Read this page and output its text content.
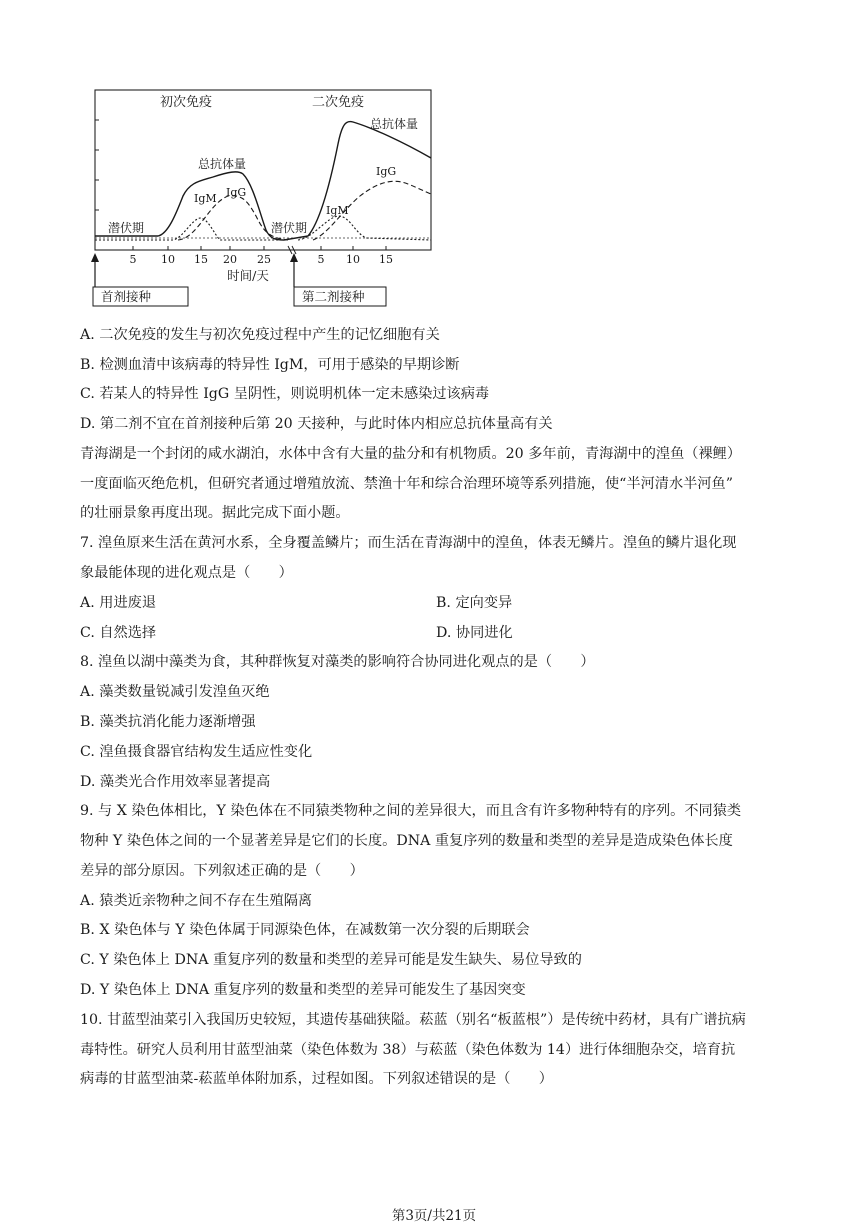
初次免疫	二次免疫
总抗体量
总抗体量
IgM IgG
IgM
IgG
潜伏期	潜伏期
5 10 15 20 25	5 10 15
时间/天
首剂接种	第二剂接种
A. 二次免疫的发生与初次免疫过程中产生的记忆细胞有关
B. 检测血清中该病毒的特异性 IgM，可用于感染的早期诊断
C. 若某人的特异性 IgG 呈阴性，则说明机体一定未感染过该病毒
D. 第二剂不宜在首剂接种后第 20 天接种，与此时体内相应总抗体量高有关
青海湖是一个封闭的咸水湖泊，水体中含有大量的盐分和有机物质。20 多年前，青海湖中的湟鱼（裸鲤）
一度面临灭绝危机，但研究者通过增殖放流、禁渔十年和综合治理环境等系列措施，使“半河清水半河鱼”
的壮丽景象再度出现。据此完成下面小题。
7. 湟鱼原来生活在黄河水系，全身覆盖鳞片；而生活在青海湖中的湟鱼，体表无鳞片。湟鱼的鳞片退化现
象最能体现的进化观点是（　　）
A. 用进废退	B. 定向变异
C. 自然选择	D. 协同进化
8. 湟鱼以湖中藻类为食，其种群恢复对藻类的影响符合协同进化观点的是（　　）
A. 藻类数量锐减引发湟鱼灭绝
B. 藻类抗消化能力逐渐增强
C. 湟鱼摄食器官结构发生适应性变化
D. 藻类光合作用效率显著提高
9. 与 X 染色体相比，Y 染色体在不同猿类物种之间的差异很大，而且含有许多物种特有的序列。不同猿类
物种 Y 染色体之间的一个显著差异是它们的长度。DNA 重复序列的数量和类型的差异是造成染色体长度
差异的部分原因。下列叙述正确的是（　　）
A. 猿类近亲物种之间不存在生殖隔离
B. X 染色体与 Y 染色体属于同源染色体，在减数第一次分裂的后期联会
C. Y 染色体上 DNA 重复序列的数量和类型的差异可能是发生缺失、易位导致的
D. Y 染色体上 DNA 重复序列的数量和类型的差异可能发生了基因突变
10. 甘蓝型油菜引入我国历史较短，其遗传基础狭隘。菘蓝（别名“板蓝根”）是传统中药材，具有广谱抗病
毒特性。研究人员利用甘蓝型油菜（染色体数为 38）与菘蓝（染色体数为 14）进行体细胞杂交，培育抗
病毒的甘蓝型油菜-菘蓝单体附加系，过程如图。下列叙述错误的是（　　）
第3页/共21页
